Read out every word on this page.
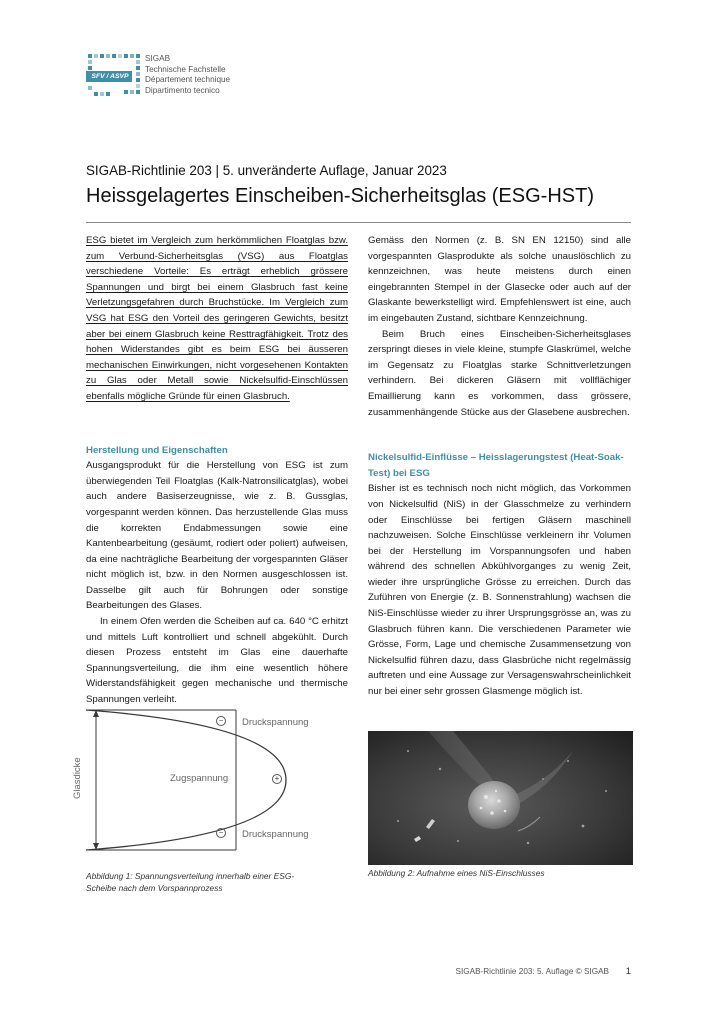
SFV / ASVP
SIGAB
Technische Fachstelle
Département technique
Dipartimento tecnico
SIGAB-Richtlinie 203 | 5. unveränderte Auflage, Januar 2023
Heissgelagertes Einscheiben-Sicherheitsglas (ESG-HST)

ESG bietet im Vergleich zum herkömmlichen Floatglas bzw. zum Verbund-Sicherheitsglas (VSG) aus Floatglas verschiedene Vorteile: Es erträgt erheblich grössere Spannungen und birgt bei einem Glasbruch fast keine Verletzungsgefahren durch Bruchstücke. Im Vergleich zum VSG hat ESG den Vorteil des geringeren Gewichts, besitzt aber bei einem Glasbruch keine Resttragfähigkeit. Trotz des hohen Widerstandes gibt es beim ESG bei äusseren mechanischen Einwirkungen, nicht vorgesehenen Kontakten zu Glas oder Metall sowie Nickelsulfid-Einschlüssen ebenfalls mögliche Gründe für einen Glasbruch.

Herstellung und Eigenschaften

Ausgangsprodukt für die Herstellung von ESG ist zum überwiegenden Teil Floatglas (Kalk-Natronsilicatglas), wobei auch andere Basiserzeugnisse, wie z. B. Gussglas, vorgespannt werden können. Das herzustellende Glas muss die korrekten Endabmessungen sowie eine Kantenbearbeitung (gesäumt, rodiert oder poliert) aufweisen, da eine nachträgliche Bearbeitung der vorgespannten Gläser nicht möglich ist, bzw. in den Normen ausgeschlossen ist. Dasselbe gilt auch für Bohrungen oder sonstige Bearbeitungen des Glases.

In einem Ofen werden die Scheiben auf ca. 640 °C erhitzt und mittels Luft kontrolliert und schnell abgekühlt. Durch diesen Prozess entsteht im Glas eine dauerhafte Spannungsverteilung, die ihm eine wesentlich höhere Widerstandsfähigkeit gegen mechanische und thermische Spannungen verleiht.

Gemäss den Normen (z. B. SN EN 12150) sind alle vorgespannten Glasprodukte als solche unauslöschlich zu kennzeichnen, was heute meistens durch einen eingebrannten Stempel in der Glasecke oder auch auf der Glaskante bewerkstelligt wird. Empfehlenswert ist eine, auch im eingebauten Zustand, sichtbare Kennzeichnung.

Beim Bruch eines Einscheiben-Sicherheitsglases zerspringt dieses in viele kleine, stumpfe Glaskrümel, welche im Gegensatz zu Floatglas starke Schnittverletzungen verhindern. Bei dickeren Gläsern mit vollflächiger Emaillierung kann es vorkommen, dass grössere, zusammenhängende Stücke aus der Glasebene ausbrechen.

Nickelsulfid-Einflüsse – Heisslagerungstest (Heat-Soak-Test) bei ESG

Bisher ist es technisch noch nicht möglich, das Vorkommen von Nickelsulfid (NiS) in der Glasschmelze zu verhindern oder Einschlüsse bei fertigen Gläsern maschinell nachzuweisen. Solche Einschlüsse verkleinern ihr Volumen bei der Herstellung im Vorspannungsofen und haben während des schnellen Abkühlvorganges zu wenig Zeit, wieder ihre ursprüngliche Grösse zu erreichen. Durch das Zuführen von Energie (z. B. Sonnenstrahlung) wachsen die NiS-Einschlüsse wieder zu ihrer Ursprungsgrösse an, was zu Glasbruch führen kann. Die verschiedenen Parameter wie Grösse, Form, Lage und chemische Zusammensetzung von Nickelsulfid führen dazu, dass Glasbrüche nicht regelmässig auftreten und eine Aussage zur Versagenswahrscheinlichkeit nur bei einer sehr grossen Glasmenge möglich ist.

Glasdicke
−
+
−
Druckspannung
Zugspannung
Druckspannung
Abbildung 1: Spannungsverteilung innerhalb einer ESG-Scheibe nach dem Vorspannprozess
Abbildung 2: Aufnahme eines NiS-Einschlusses
SIGAB-Richtlinie 203: 5. Auflage © SIGAB 1
